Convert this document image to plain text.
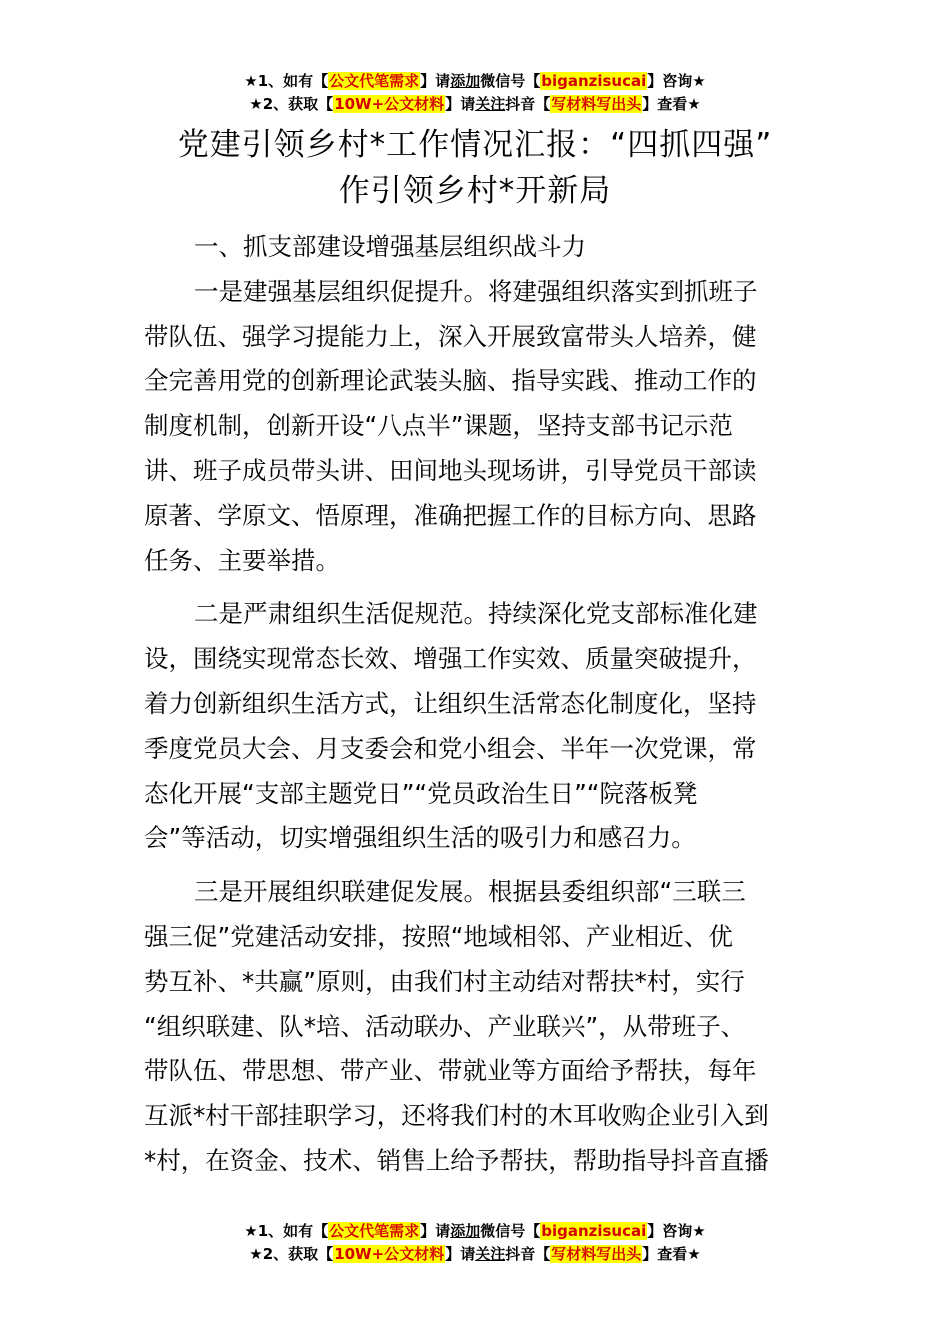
★1、如有【公文代笔需求】请添加微信号【biganzisucai】咨询★
★2、获取【10W+公文材料】请关注抖音【写材料写出头】查看★
党建引领乡村*工作情况汇报：“四抓四强”
作引领乡村*开新局
一、抓支部建设增强基层组织战斗力
一是建强基层组织促提升。将建强组织落实到抓班子
带队伍、强学习提能力上，深入开展致富带头人培养，健
全完善用党的创新理论武装头脑、指导实践、推动工作的
制度机制，创新开设“八点半”课题，坚持支部书记示范
讲、班子成员带头讲、田间地头现场讲，引导党员干部读
原著、学原文、悟原理，准确把握工作的目标方向、思路
任务、主要举措。
二是严肃组织生活促规范。持续深化党支部标准化建
设，围绕实现常态长效、增强工作实效、质量突破提升，
着力创新组织生活方式，让组织生活常态化制度化，坚持
季度党员大会、月支委会和党小组会、半年一次党课，常
态化开展“支部主题党日”“党员政治生日”“院落板凳
会”等活动，切实增强组织生活的吸引力和感召力。
三是开展组织联建促发展。根据县委组织部“三联三
强三促”党建活动安排，按照“地域相邻、产业相近、优
势互补、*共赢”原则，由我们村主动结对帮扶*村，实行
“组织联建、队*培、活动联办、产业联兴”，从带班子、
带队伍、带思想、带产业、带就业等方面给予帮扶，每年
互派*村干部挂职学习，还将我们村的木耳收购企业引入到
*村，在资金、技术、销售上给予帮扶，帮助指导抖音直播
★1、如有【公文代笔需求】请添加微信号【biganzisucai】咨询★
★2、获取【10W+公文材料】请关注抖音【写材料写出头】查看★
